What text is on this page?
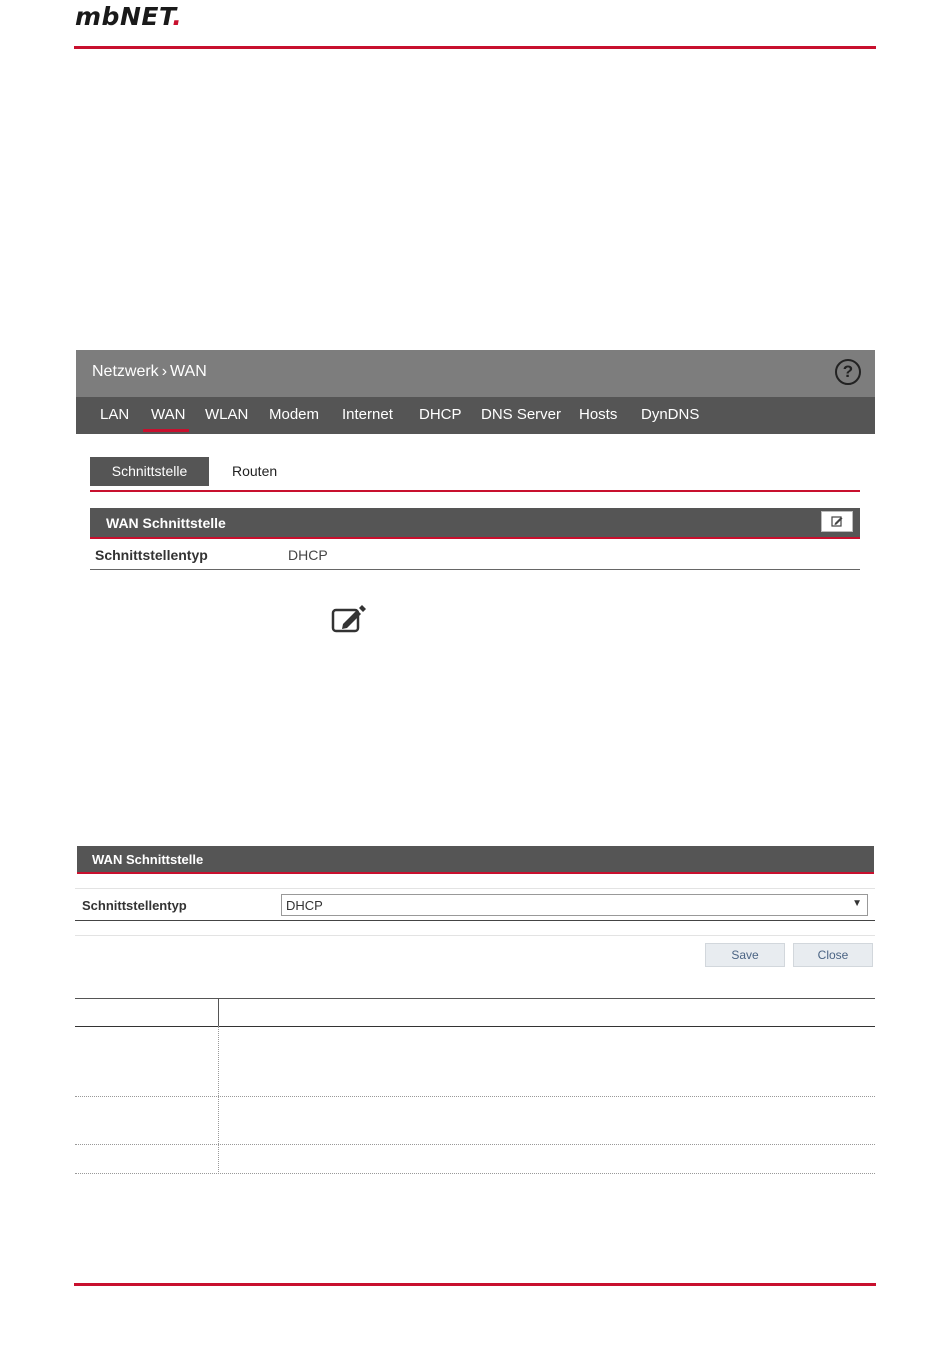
mbNET.
Netzwerk › WAN	?
LAN WAN WLAN Modem Internet DHCP DNS Server Hosts DynDNS
Schnittstelle	Routen
WAN Schnittstelle
Schnittstellentyp	DHCP
WAN Schnittstelle
Schnittstellentyp	DHCP	▼
Save	Close
